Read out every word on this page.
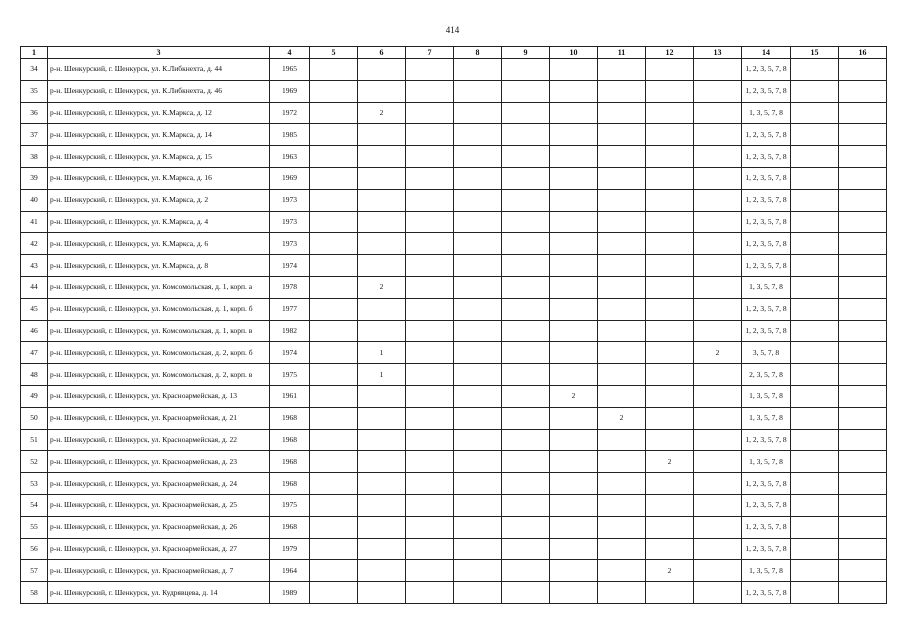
414
1	3	4	5	6	7	8	9	10	11	12	13	14	15	16
34	р-н. Шенкурский, г. Шенкурск, ул. К.Либкнехта, д. 44	1965										1, 2, 3, 5, 7, 8		
35	р-н. Шенкурский, г. Шенкурск, ул. К.Либкнехта, д. 46	1969										1, 2, 3, 5, 7, 8		
36	р-н. Шенкурский, г. Шенкурск, ул. К.Маркса, д. 12	1972		2								1, 3, 5, 7, 8		
37	р-н. Шенкурский, г. Шенкурск, ул. К.Маркса, д. 14	1985										1, 2, 3, 5, 7, 8		
38	р-н. Шенкурский, г. Шенкурск, ул. К.Маркса, д. 15	1963										1, 2, 3, 5, 7, 8		
39	р-н. Шенкурский, г. Шенкурск, ул. К.Маркса, д. 16	1969										1, 2, 3, 5, 7, 8		
40	р-н. Шенкурский, г. Шенкурск, ул. К.Маркса, д. 2	1973										1, 2, 3, 5, 7, 8		
41	р-н. Шенкурский, г. Шенкурск, ул. К.Маркса, д. 4	1973										1, 2, 3, 5, 7, 8		
42	р-н. Шенкурский, г. Шенкурск, ул. К.Маркса, д. 6	1973										1, 2, 3, 5, 7, 8		
43	р-н. Шенкурский, г. Шенкурск, ул. К.Маркса, д. 8	1974										1, 2, 3, 5, 7, 8		
44	р-н. Шенкурский, г. Шенкурск, ул. Комсомольская, д. 1, корп. а	1978		2								1, 3, 5, 7, 8		
45	р-н. Шенкурский, г. Шенкурск, ул. Комсомольская, д. 1, корп. б	1977										1, 2, 3, 5, 7, 8		
46	р-н. Шенкурский, г. Шенкурск, ул. Комсомольская, д. 1, корп. в	1982										1, 2, 3, 5, 7, 8		
47	р-н. Шенкурский, г. Шенкурск, ул. Комсомольская, д. 2, корп. б	1974		1							2	3, 5, 7, 8		
48	р-н. Шенкурский, г. Шенкурск, ул. Комсомольская, д. 2, корп. в	1975		1								2, 3, 5, 7, 8		
49	р-н. Шенкурский, г. Шенкурск, ул. Красноармейская, д. 13	1961						2				1, 3, 5, 7, 8		
50	р-н. Шенкурский, г. Шенкурск, ул. Красноармейская, д. 21	1968							2			1, 3, 5, 7, 8		
51	р-н. Шенкурский, г. Шенкурск, ул. Красноармейская, д. 22	1968										1, 2, 3, 5, 7, 8		
52	р-н. Шенкурский, г. Шенкурск, ул. Красноармейская, д. 23	1968								2		1, 3, 5, 7, 8		
53	р-н. Шенкурский, г. Шенкурск, ул. Красноармейская, д. 24	1968										1, 2, 3, 5, 7, 8		
54	р-н. Шенкурский, г. Шенкурск, ул. Красноармейская, д. 25	1975										1, 2, 3, 5, 7, 8		
55	р-н. Шенкурский, г. Шенкурск, ул. Красноармейская, д. 26	1968										1, 2, 3, 5, 7, 8		
56	р-н. Шенкурский, г. Шенкурск, ул. Красноармейская, д. 27	1979										1, 2, 3, 5, 7, 8		
57	р-н. Шенкурский, г. Шенкурск, ул. Красноармейская, д. 7	1964								2		1, 3, 5, 7, 8		
58	р-н. Шенкурский, г. Шенкурск, ул. Кудрявцева, д. 14	1989										1, 2, 3, 5, 7, 8		
